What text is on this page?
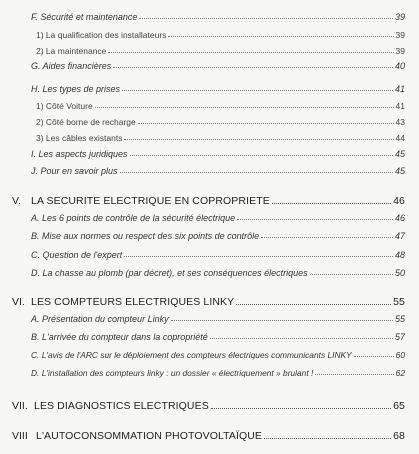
F. Sécurité et maintenance	39
1) La qualification des installateurs	39
2) La maintenance	39
G. Aides financières	40
H. Les types de prises	41
1) Côté Voiture	41
2) Côté borne de recharge	43
3) Les câbles existants	44
I. Les aspects juridiques	45
J. Pour en savoir plus	45
V. LA SECURITE ELECTRIQUE EN COPROPRIETE	46
A. Les 6 points de contrôle de la sécurité électrique	46
B. Mise aux normes ou respect des six points de contrôle	47
C. Question de l'expert	48
D. La chasse au plomb (par décret), et ses conséquences électriques	50
VI. LES COMPTEURS ELECTRIQUES LINKY	55
A. Présentation du compteur Linky	55
B. L'arrivée du compteur dans la copropriété	57
C. L'avis de l'ARC sur le déploiement des compteurs électriques communicants LINKY	60
D. L'installation des compteurs linky : un dossier « électriquement » brulant !	62
VII. LES DIAGNOSTICS ELECTRIQUES	65
VIII L'AUTOCONSOMMATION PHOTOVOLTAÏQUE	68
